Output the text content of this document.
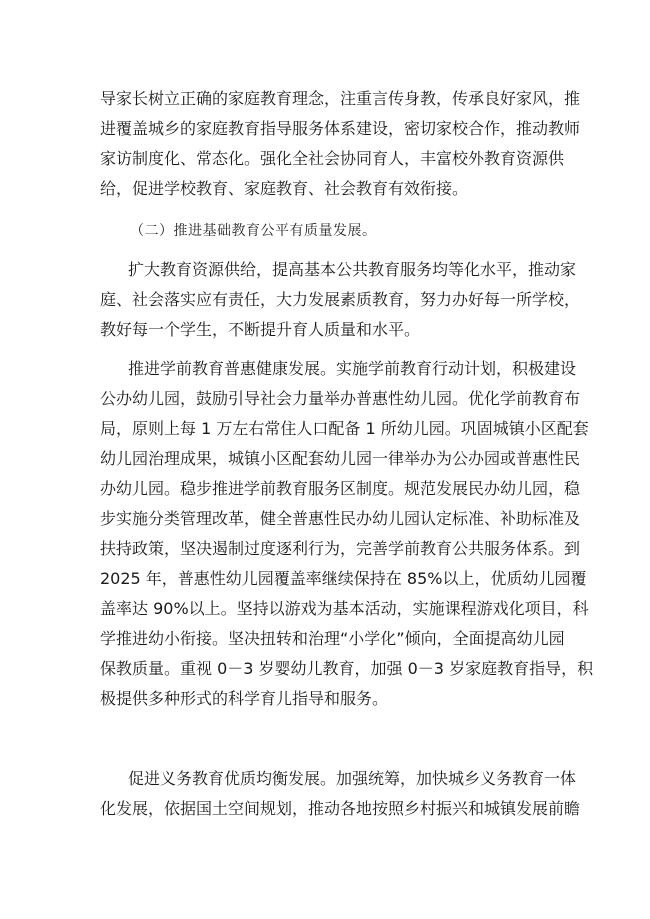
导家长树立正确的家庭教育理念，注重言传身教，传承良好家风，推
进覆盖城乡的家庭教育指导服务体系建设，密切家校合作，推动教师
家访制度化、常态化。强化全社会协同育人，丰富校外教育资源供
给，促进学校教育、家庭教育、社会教育有效衔接。
（二）推进基础教育公平有质量发展。
扩大教育资源供给，提高基本公共教育服务均等化水平，推动家
庭、社会落实应有责任，大力发展素质教育，努力办好每一所学校，
教好每一个学生，不断提升育人质量和水平。
推进学前教育普惠健康发展。实施学前教育行动计划，积极建设
公办幼儿园，鼓励引导社会力量举办普惠性幼儿园。优化学前教育布
局，原则上每 1 万左右常住人口配备 1 所幼儿园。巩固城镇小区配套
幼儿园治理成果，城镇小区配套幼儿园一律举办为公办园或普惠性民
办幼儿园。稳步推进学前教育服务区制度。规范发展民办幼儿园，稳
步实施分类管理改革，健全普惠性民办幼儿园认定标准、补助标准及
扶持政策，坚决遏制过度逐利行为，完善学前教育公共服务体系。到
2025 年，普惠性幼儿园覆盖率继续保持在 85%以上，优质幼儿园覆
盖率达 90%以上。坚持以游戏为基本活动，实施课程游戏化项目，科
学推进幼小衔接。坚决扭转和治理“小学化”倾向，全面提高幼儿园
保教质量。重视 0－3 岁婴幼儿教育，加强 0－3 岁家庭教育指导，积
极提供多种形式的科学育儿指导和服务。
促进义务教育优质均衡发展。加强统筹，加快城乡义务教育一体
化发展，依据国土空间规划，推动各地按照乡村振兴和城镇发展前瞻
